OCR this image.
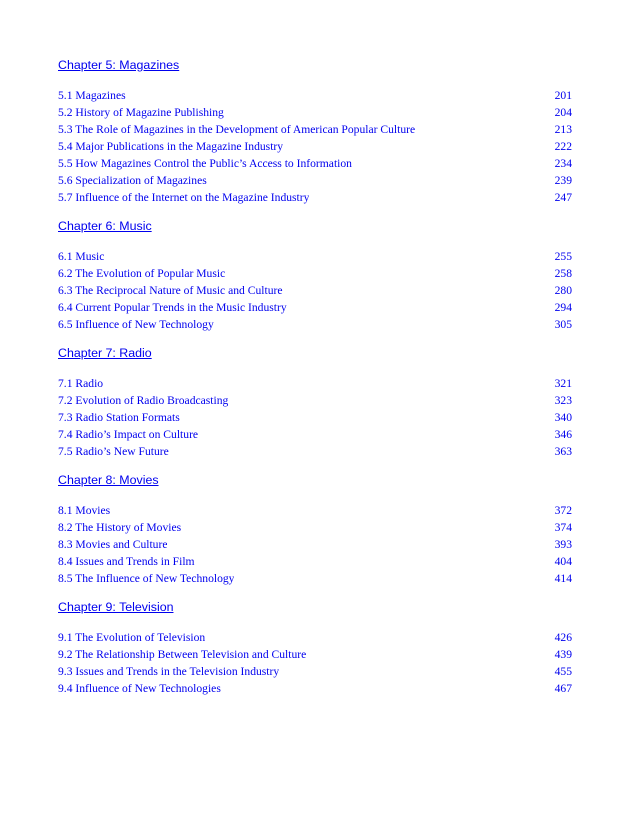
Chapter 5: Magazines
5.1 Magazines	201
5.2 History of Magazine Publishing	204
5.3 The Role of Magazines in the Development of American Popular Culture	213
5.4 Major Publications in the Magazine Industry	222
5.5 How Magazines Control the Public’s Access to Information	234
5.6 Specialization of Magazines	239
5.7 Influence of the Internet on the Magazine Industry	247
Chapter 6: Music
6.1 Music	255
6.2 The Evolution of Popular Music	258
6.3 The Reciprocal Nature of Music and Culture	280
6.4 Current Popular Trends in the Music Industry	294
6.5 Influence of New Technology	305
Chapter 7: Radio
7.1 Radio	321
7.2 Evolution of Radio Broadcasting	323
7.3 Radio Station Formats	340
7.4 Radio’s Impact on Culture	346
7.5 Radio’s New Future	363
Chapter 8: Movies
8.1 Movies	372
8.2 The History of Movies	374
8.3 Movies and Culture	393
8.4 Issues and Trends in Film	404
8.5 The Influence of New Technology	414
Chapter 9: Television
9.1 The Evolution of Television	426
9.2 The Relationship Between Television and Culture	439
9.3 Issues and Trends in the Television Industry	455
9.4 Influence of New Technologies	467
